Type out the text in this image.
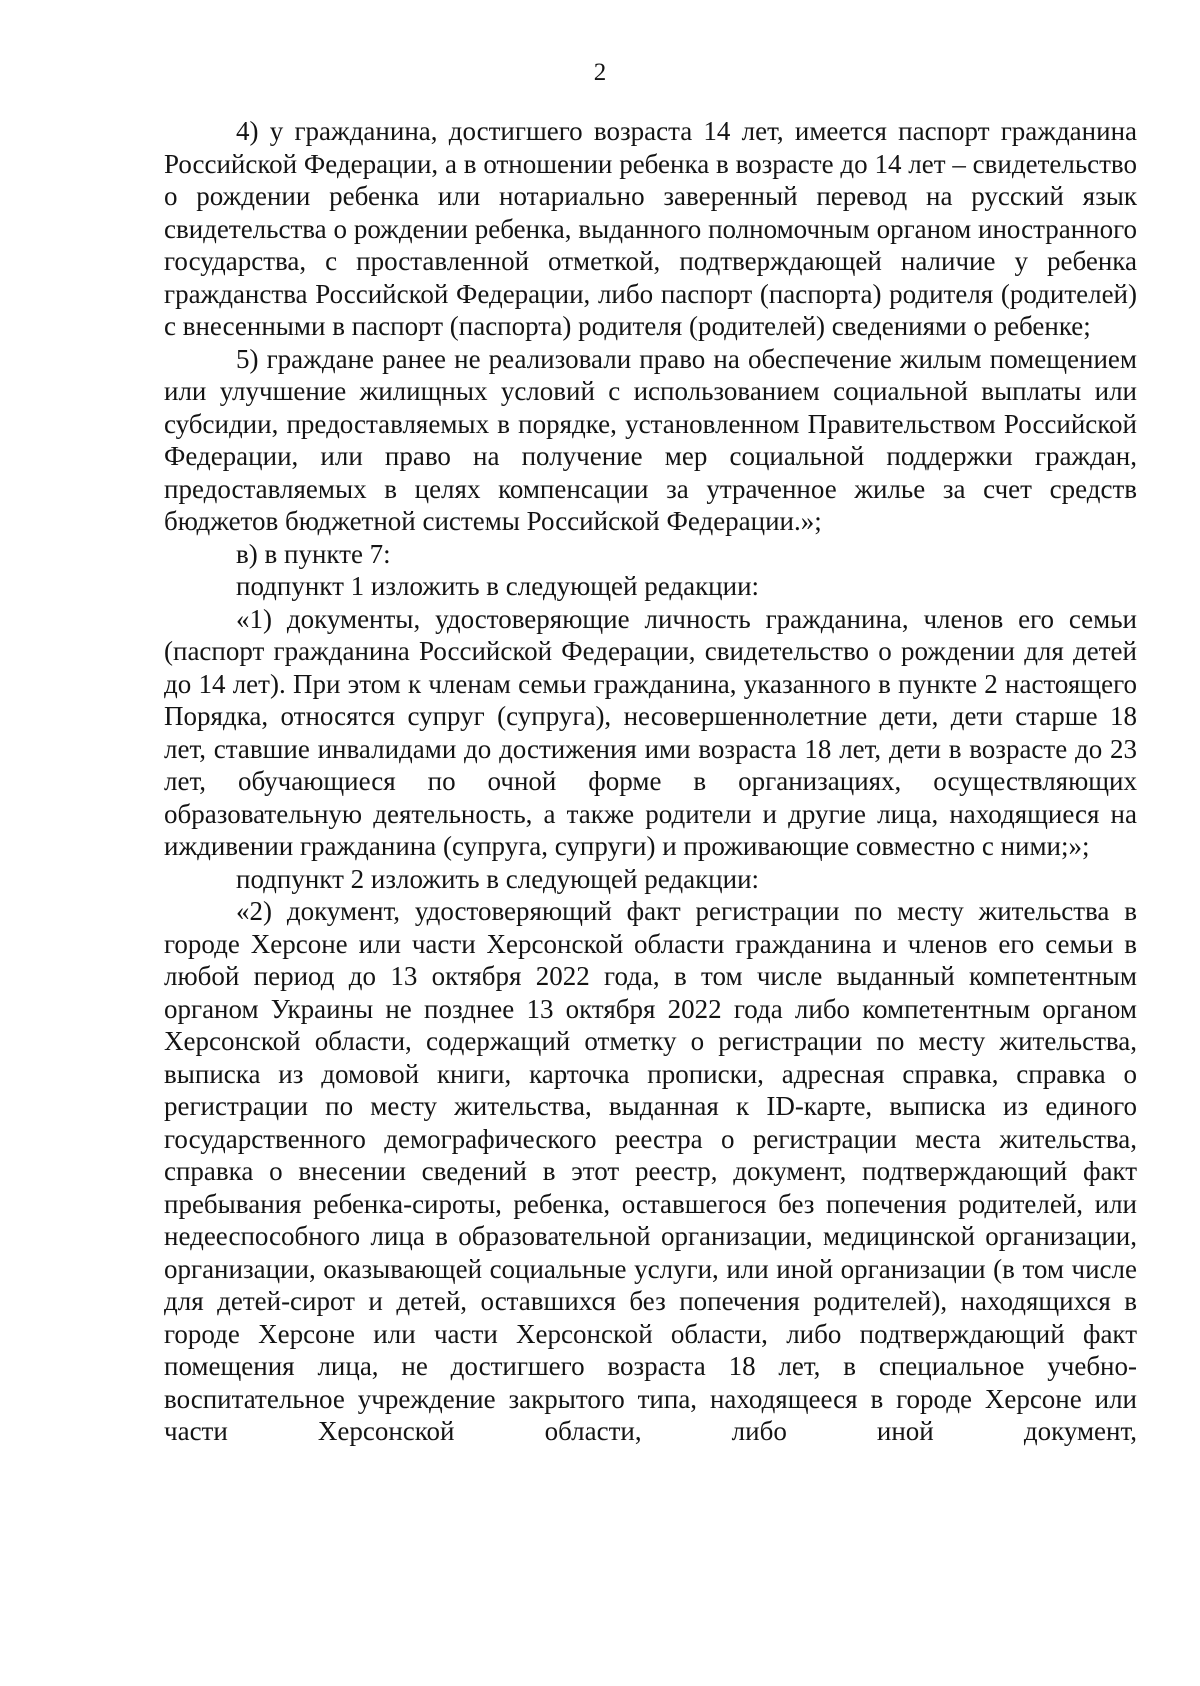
2

4) у гражданина, достигшего возраста 14 лет, имеется паспорт гражданина Российской Федерации, а в отношении ребенка в возрасте до 14 лет – свидетельство о рождении ребенка или нотариально заверенный перевод на русский язык свидетельства о рождении ребенка, выданного полномочным органом иностранного государства, с проставленной отметкой, подтверждающей наличие у ребенка гражданства Российской Федерации, либо паспорт (паспорта) родителя (родителей) с внесенными в паспорт (паспорта) родителя (родителей) сведениями о ребенке;

5) граждане ранее не реализовали право на обеспечение жилым помещением или улучшение жилищных условий с использованием социальной выплаты или субсидии, предоставляемых в порядке, установленном Правительством Российской Федерации, или право на получение мер социальной поддержки граждан, предоставляемых в целях компенсации за утраченное жилье за счет средств бюджетов бюджетной системы Российской Федерации.»;

в) в пункте 7:

подпункт 1 изложить в следующей редакции:

«1) документы, удостоверяющие личность гражданина, членов его семьи (паспорт гражданина Российской Федерации, свидетельство о рождении для детей до 14 лет). При этом к членам семьи гражданина, указанного в пункте 2 настоящего Порядка, относятся супруг (супруга), несовершеннолетние дети, дети старше 18 лет, ставшие инвалидами до достижения ими возраста 18 лет, дети в возрасте до 23 лет, обучающиеся по очной форме в организациях, осуществляющих образовательную деятельность, а также родители и другие лица, находящиеся на иждивении гражданина (супруга, супруги) и проживающие совместно с ними;»;

подпункт 2 изложить в следующей редакции:

«2) документ, удостоверяющий факт регистрации по месту жительства в городе Херсоне или части Херсонской области гражданина и членов его семьи в любой период до 13 октября 2022 года, в том числе выданный компетентным органом Украины не позднее 13 октября 2022 года либо компетентным органом Херсонской области, содержащий отметку о регистрации по месту жительства, выписка из домовой книги, карточка прописки, адресная справка, справка о регистрации по месту жительства, выданная к ID-карте, выписка из единого государственного демографического реестра о регистрации места жительства, справка о внесении сведений в этот реестр, документ, подтверждающий факт пребывания ребенка-сироты, ребенка, оставшегося без попечения родителей, или недееспособного лица в образовательной организации, медицинской организации, организации, оказывающей социальные услуги, или иной организации (в том числе для детей-сирот и детей, оставшихся без попечения родителей), находящихся в городе Херсоне или части Херсонской области, либо подтверждающий факт помещения лица, не достигшего возраста 18 лет, в специальное учебно-воспитательное учреждение закрытого типа, находящееся в городе Херсоне или части Херсонской области, либо иной документ,
